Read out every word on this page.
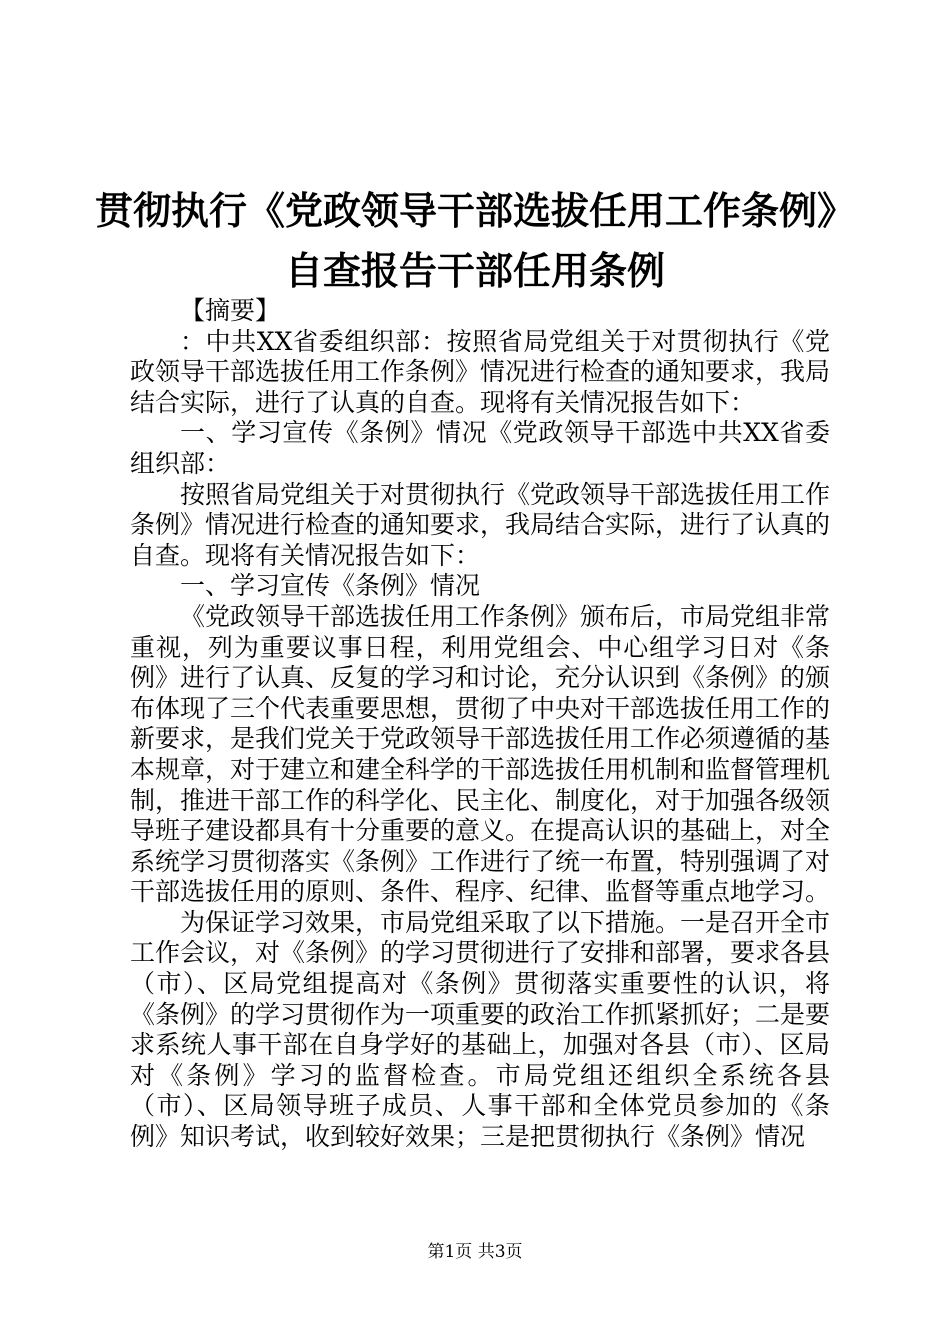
贯彻执行《党政领导干部选拔任用工作条例》
自查报告干部任用条例

【摘要】

：中共XX省委组织部：按照省局党组关于对贯彻执行《党政领导干部选拔任用工作条例》情况进行检查的通知要求，我局结合实际，进行了认真的自查。现将有关情况报告如下：

一、学习宣传《条例》情况《党政领导干部选中共XX省委组织部：

按照省局党组关于对贯彻执行《党政领导干部选拔任用工作条例》情况进行检查的通知要求，我局结合实际，进行了认真的自查。现将有关情况报告如下：

一、学习宣传《条例》情况

《党政领导干部选拔任用工作条例》颁布后，市局党组非常重视，列为重要议事日程，利用党组会、中心组学习日对《条例》进行了认真、反复的学习和讨论，充分认识到《条例》的颁布体现了三个代表重要思想，贯彻了中央对干部选拔任用工作的新要求，是我们党关于党政领导干部选拔任用工作必须遵循的基本规章，对于建立和建全科学的干部选拔任用机制和监督管理机制，推进干部工作的科学化、民主化、制度化，对于加强各级领导班子建设都具有十分重要的意义。在提高认识的基础上，对全系统学习贯彻落实《条例》工作进行了统一布置，特别强调了对干部选拔任用的原则、条件、程序、纪律、监督等重点地学习。

为保证学习效果，市局党组采取了以下措施。一是召开全市工作会议，对《条例》的学习贯彻进行了安排和部署，要求各县（市）、区局党组提高对《条例》贯彻落实重要性的认识，将《条例》的学习贯彻作为一项重要的政治工作抓紧抓好；二是要求系统人事干部在自身学好的基础上，加强对各县（市）、区局对《条例》学习的监督检查。市局党组还组织全系统各县（市）、区局领导班子成员、人事干部和全体党员参加的《条例》知识考试，收到较好效果；三是把贯彻执行《条例》情况

第1页 共3页
